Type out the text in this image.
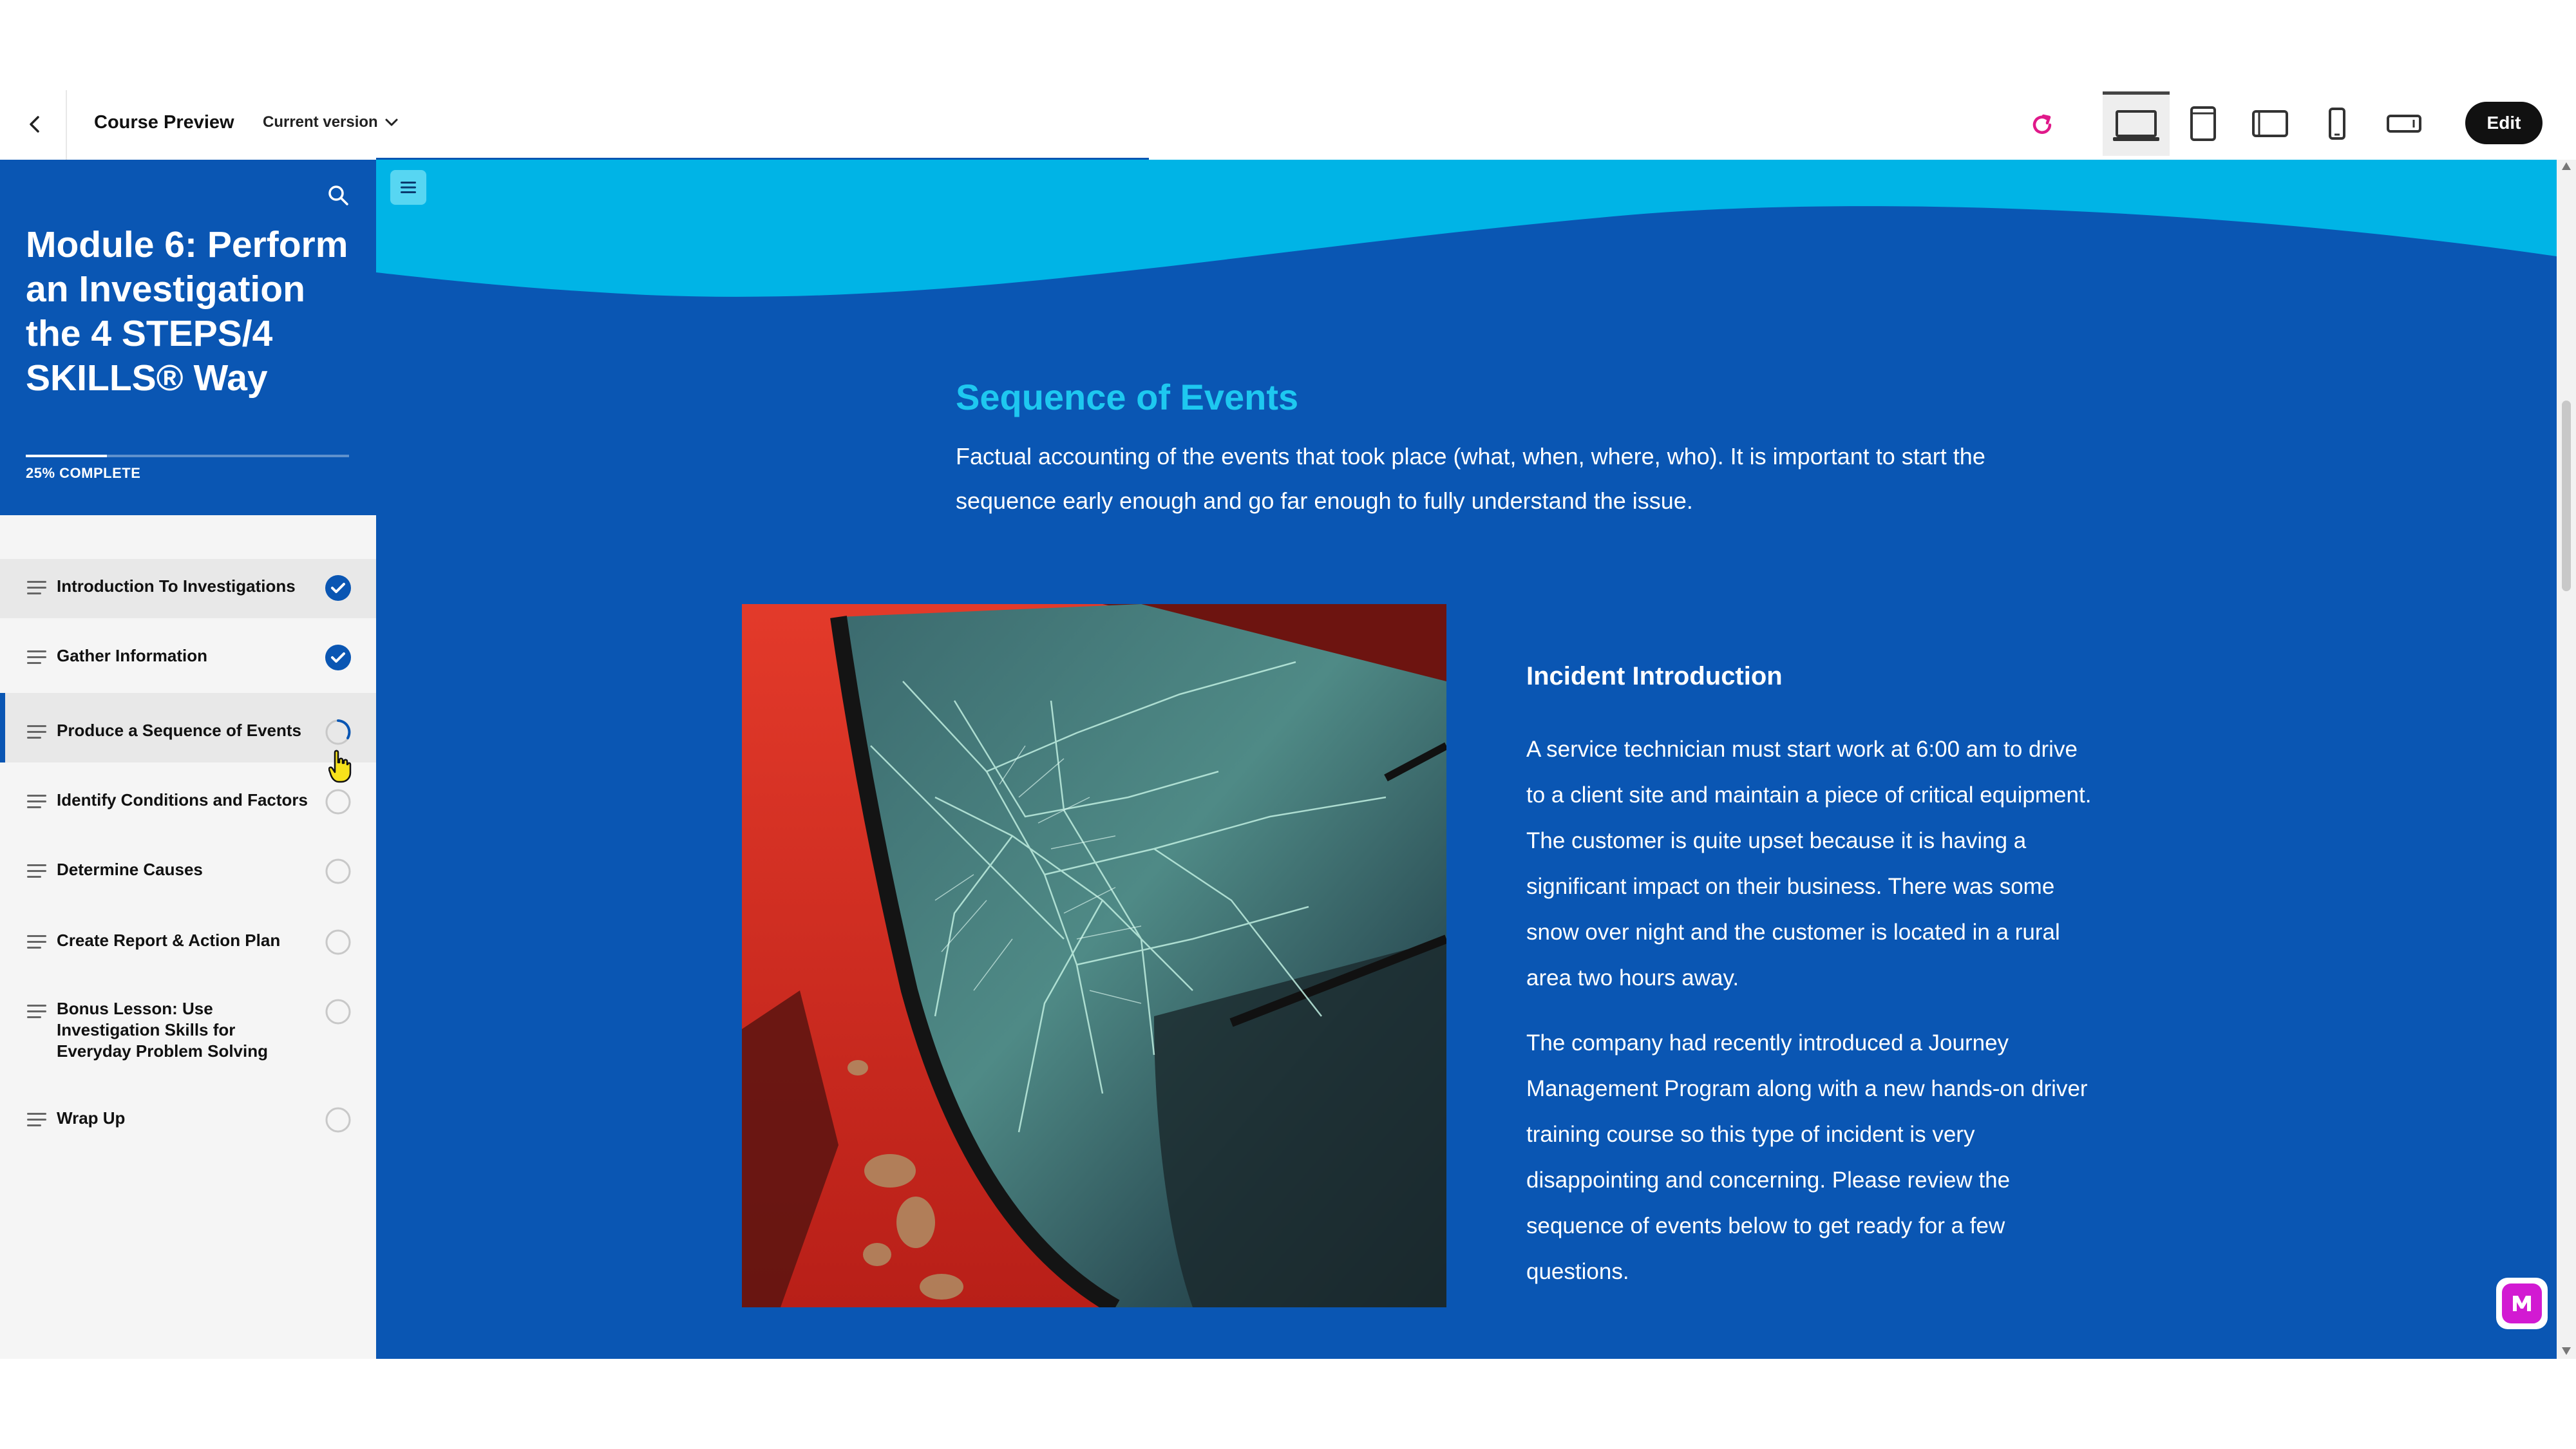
Course Preview Current version	Edit
Module 6: Perform an Investigation the 4 STEPS/4 SKILLS® Way
25% COMPLETE
Introduction To Investigations
Gather Information
Produce a Sequence of Events
Identify Conditions and Factors
Determine Causes
Create Report & Action Plan
Bonus Lesson: Use Investigation Skills for Everyday Problem Solving
Wrap Up
Sequence of Events
Factual accounting of the events that took place (what, when, where, who). It is important to start the sequence early enough and go far enough to fully understand the issue.
Incident Introduction
A service technician must start work at 6:00 am to drive to a client site and maintain a piece of critical equipment. The customer is quite upset because it is having a significant impact on their business. There was some snow over night and the customer is located in a rural area two hours away.
The company had recently introduced a Journey Management Program along with a new hands-on driver training course so this type of incident is very disappointing and concerning. Please review the sequence of events below to get ready for a few questions.
